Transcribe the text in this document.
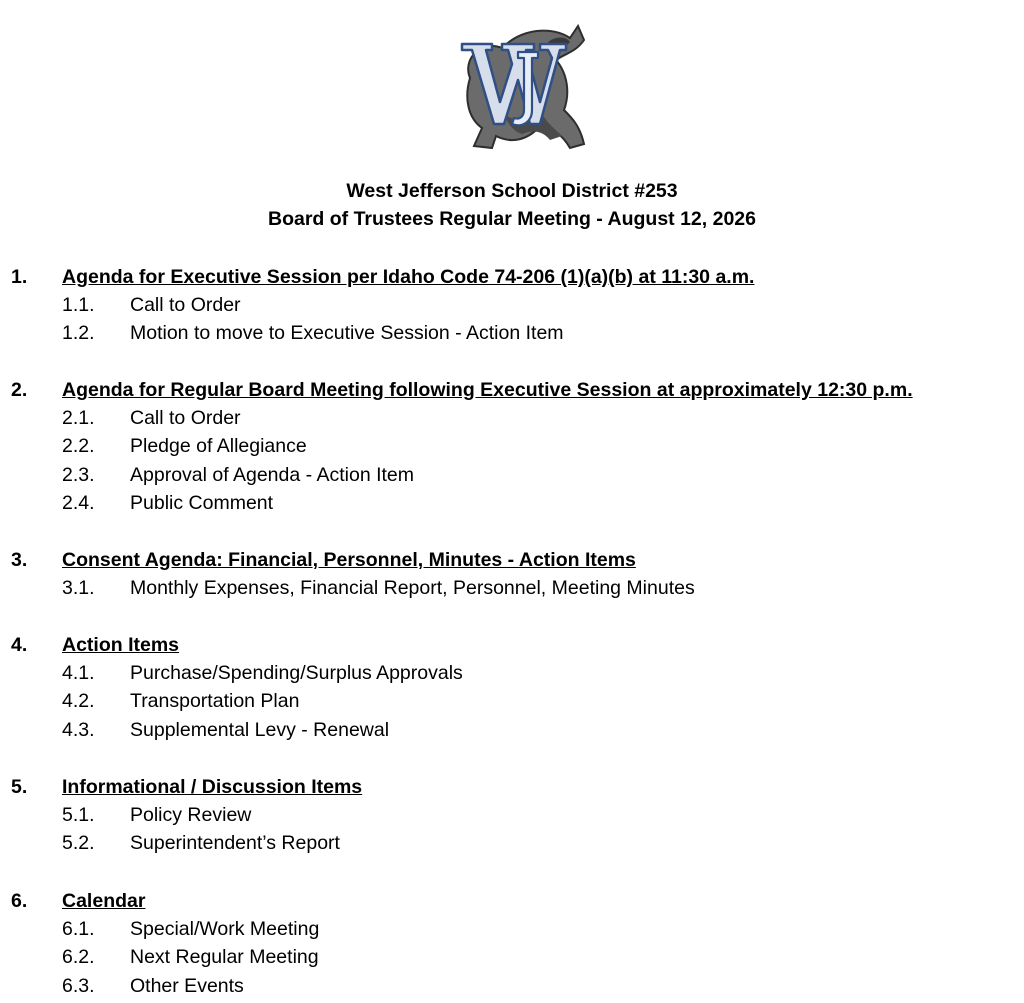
West Jefferson School District #253
Board of Trustees Regular Meeting - August 12, 2026
1. Agenda for Executive Session per Idaho Code 74-206 (1)(a)(b) at 11:30 a.m.
1.1. Call to Order
1.2. Motion to move to Executive Session - Action Item
2. Agenda for Regular Board Meeting following Executive Session at approximately 12:30 p.m.
2.1. Call to Order
2.2. Pledge of Allegiance
2.3. Approval of Agenda - Action Item
2.4. Public Comment
3. Consent Agenda: Financial, Personnel, Minutes - Action Items
3.1. Monthly Expenses, Financial Report, Personnel, Meeting Minutes
4. Action Items
4.1. Purchase/Spending/Surplus Approvals
4.2. Transportation Plan
4.3. Supplemental Levy - Renewal
5. Informational / Discussion Items
5.1. Policy Review
5.2. Superintendent’s Report
6. Calendar
6.1. Special/Work Meeting
6.2. Next Regular Meeting
6.3. Other Events
